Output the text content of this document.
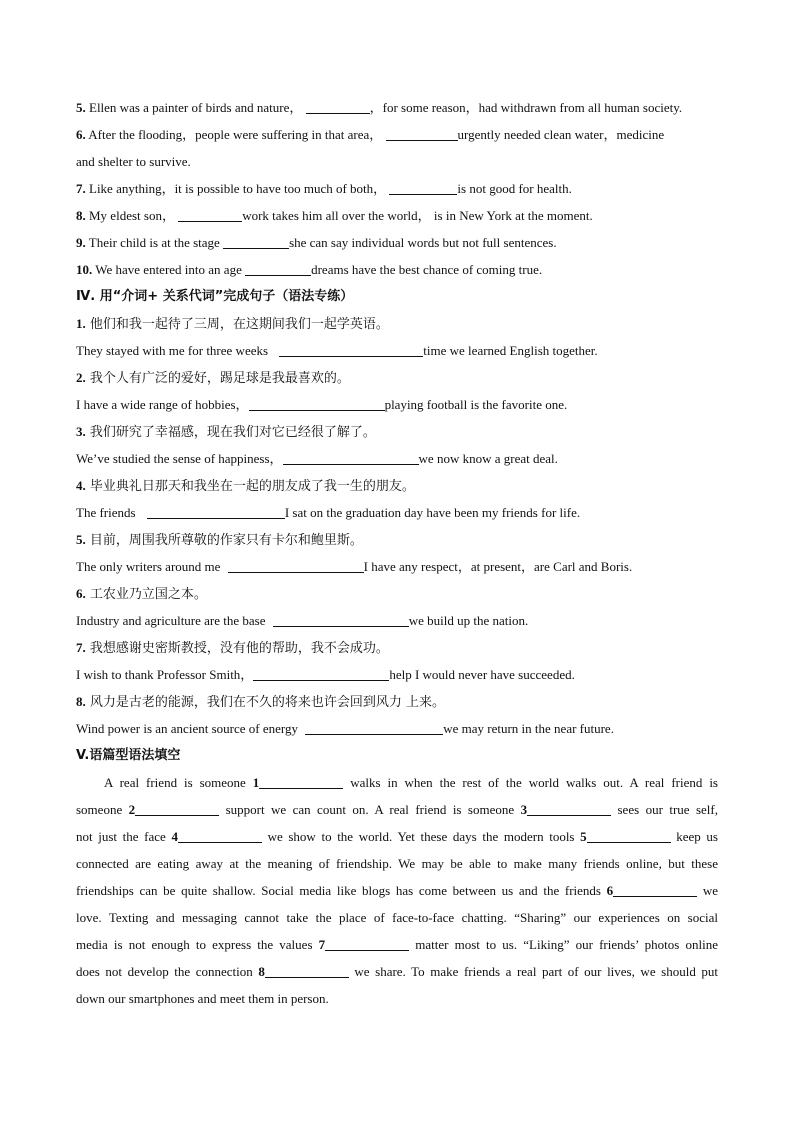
5. Ellen was a painter of birds and nature，	，for some reason，had withdrawn from all human society.
6. After the flooding，people were suffering in that area，	urgently needed clean water，medicine
and shelter to survive.
7. Like anything，it is possible to have too much of both，	is not good for health.
8. My eldest son，	work takes him all over the world， is in New York at the moment.
9. Their child is at the stage	she can say individual words but not full sentences.
10. We have entered into an age	dreams have the best chance of coming true.
Ⅳ. 用“介词+ 关系代词”完成句子（语法专练）
1. 他们和我一起待了三周，在这期间我们一起学英语。
They stayed with me for three weeks	time we learned English together.
2. 我个人有广泛的爱好，踢足球是我最喜欢的。
I have a wide range of hobbies，	playing football is the favorite one.
3. 我们研究了幸福感，现在我们对它已经很了解了。
We’ve studied the sense of happiness，	we now know a great deal.
4. 毕业典礼日那天和我坐在一起的朋友成了我一生的朋友。
The friends	I sat on the graduation day have been my friends for life.
5. 目前，周围我所尊敬的作家只有卡尔和鲍里斯。
The only writers around me	I have any respect，at present，are Carl and Boris.
6. 工农业乃立国之本。
Industry and agriculture are the base	we build up the nation.
7. 我想感谢史密斯教授，没有他的帮助，我不会成功。
I wish to thank Professor Smith，	help I would never have succeeded.
8. 风力是古老的能源，我们在不久的将来也许会回到风力 上来。
Wind power is an ancient source of energy	we may return in the near future.
V.语篇型语法填空
A real friend is someone 1	walks in when the rest of the world walks out. A real friend is
someone 2	support we can count on. A real friend is someone 3	sees our true self,
not just the face 4	we show to the world. Yet these days the modern tools 5	keep us
connected are eating away at the meaning of friendship. We may be able to make many friends online, but these
friendships can be quite shallow. Social media like blogs has come between us and the friends 6	we
love. Texting and messaging cannot take the place of face-to-face chatting. “Sharing” our experiences on social
media is not enough to express the values 7	matter most to us. “Liking” our friends’ photos online
does not develop the connection 8	we share. To make friends a real part of our lives, we should put
down our smartphones and meet them in person.
